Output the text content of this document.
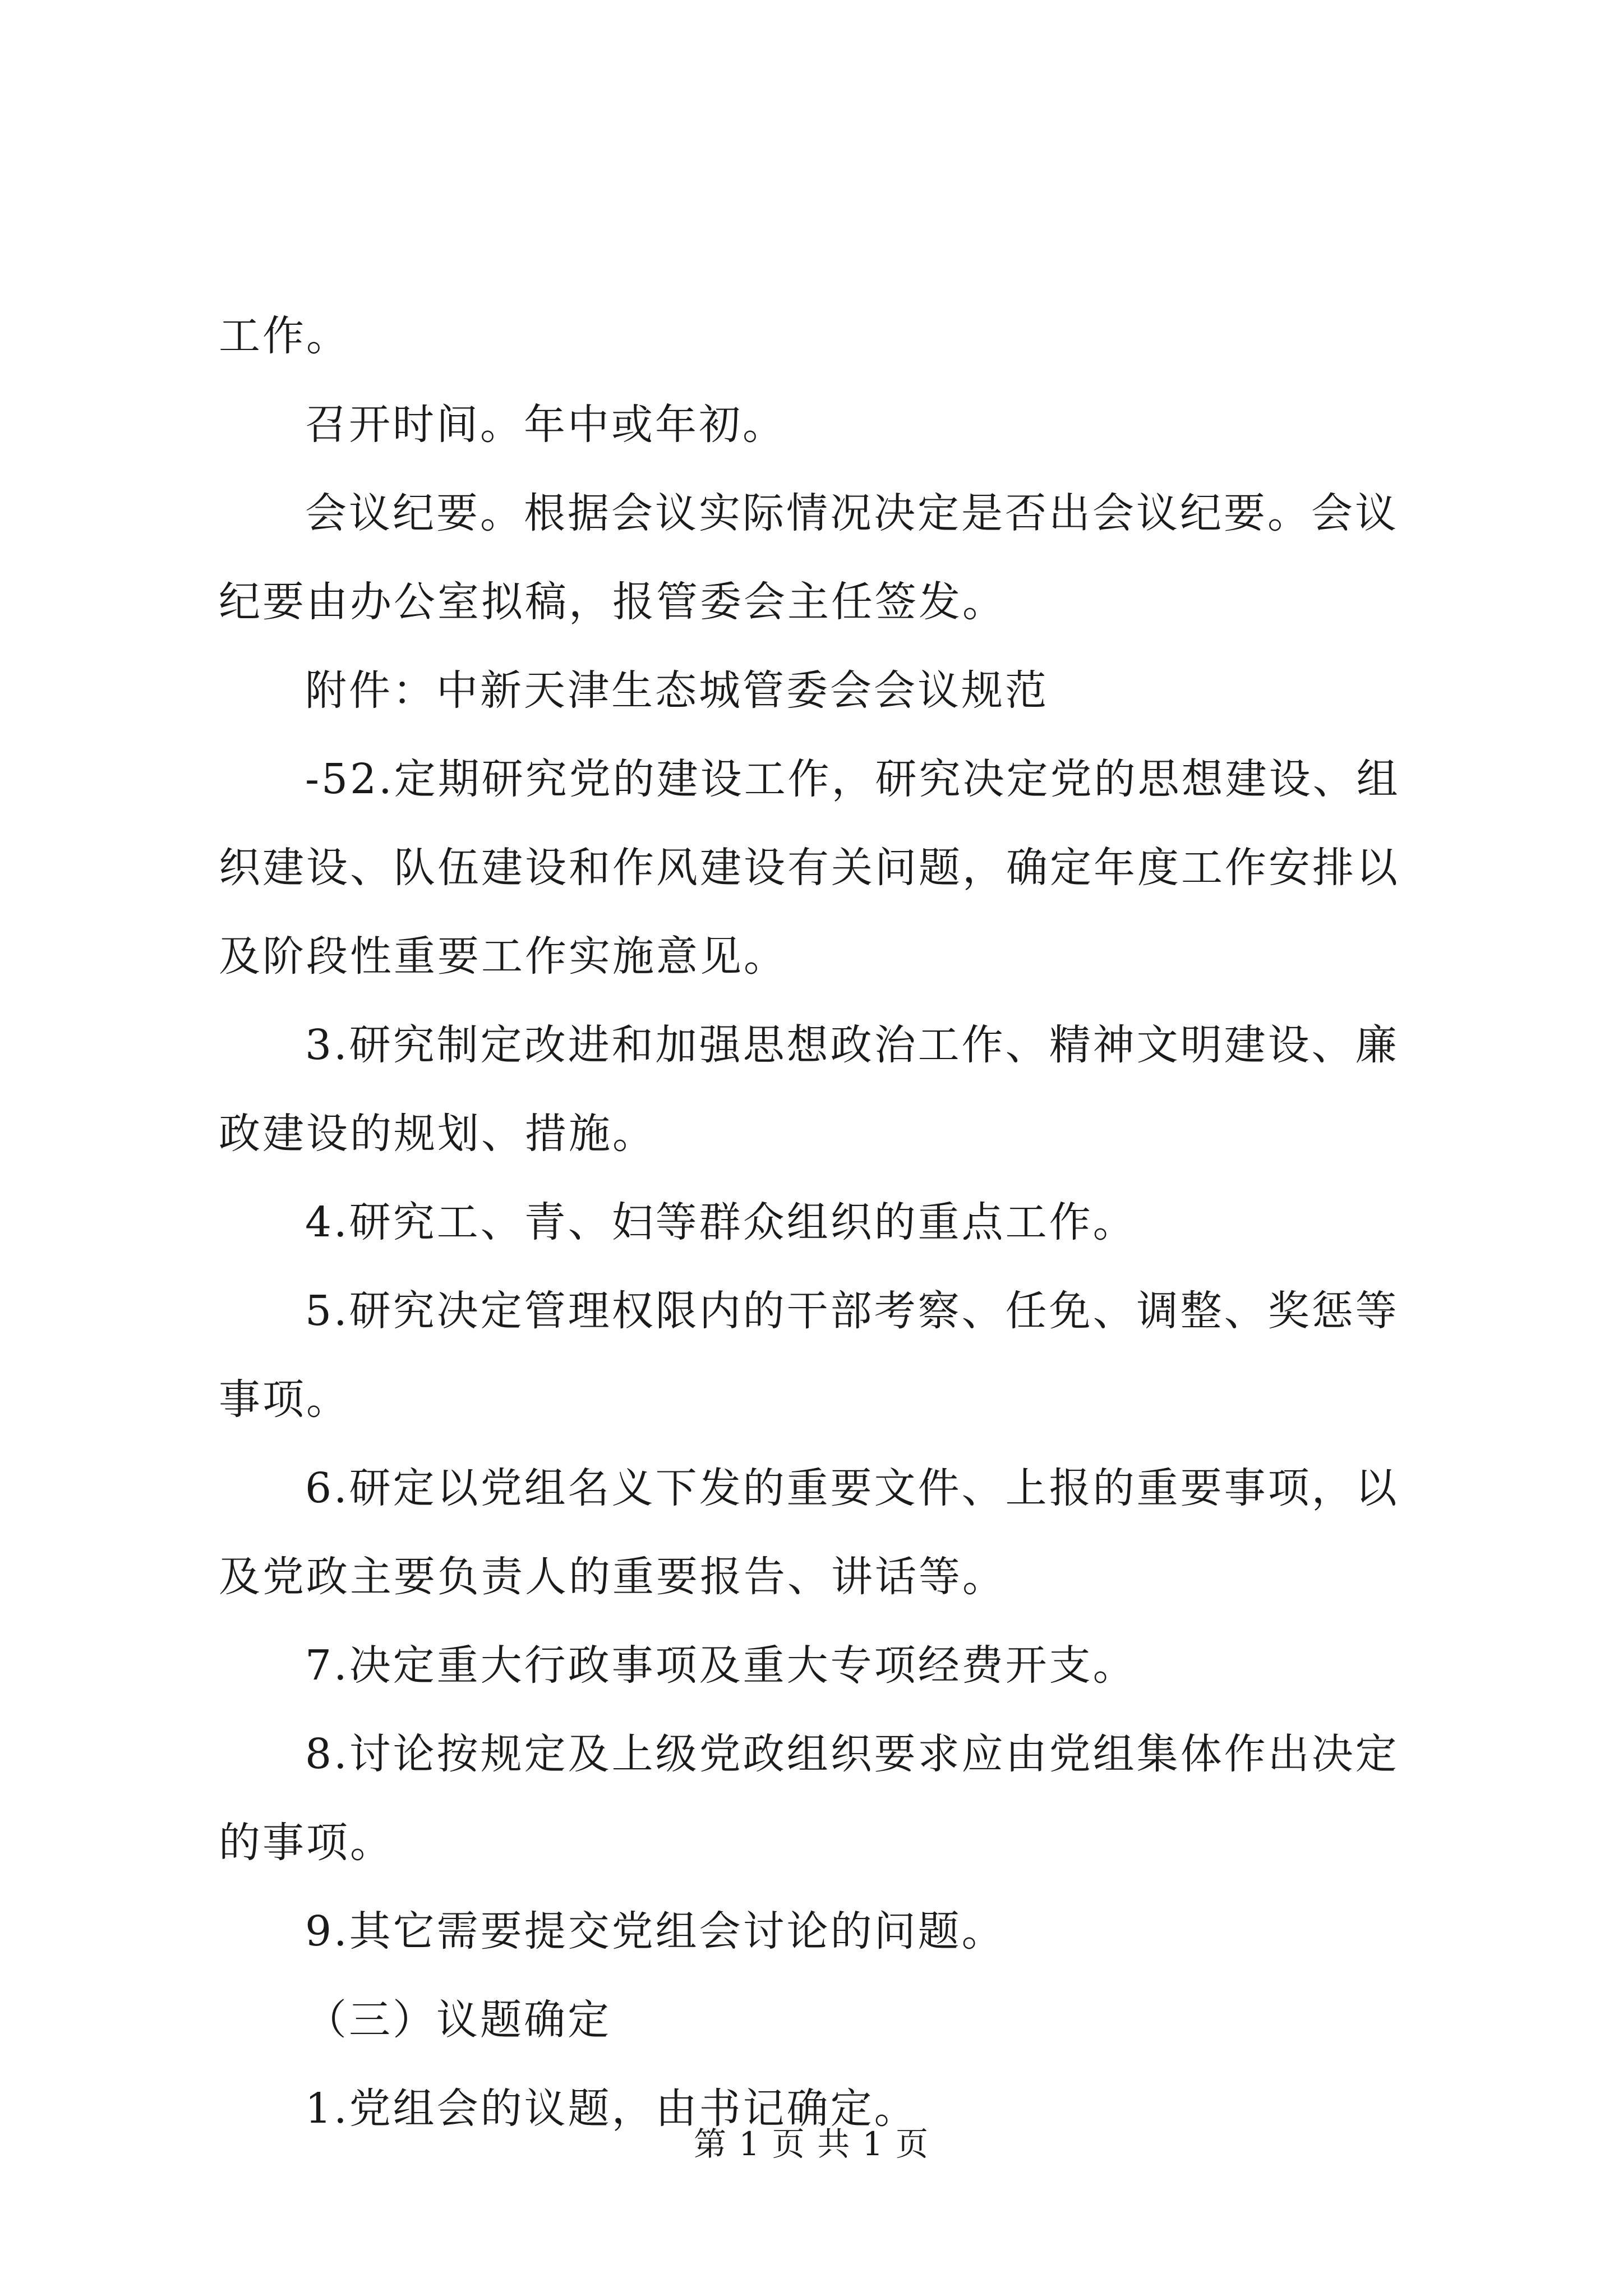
工作。

召开时间。年中或年初。

会议纪要。根据会议实际情况决定是否出会议纪要。会议纪要由办公室拟稿，报管委会主任签发。

附件：中新天津生态城管委会会议规范

-52.定期研究党的建设工作，研究决定党的思想建设、组织建设、队伍建设和作风建设有关问题，确定年度工作安排以及阶段性重要工作实施意见。

3.研究制定改进和加强思想政治工作、精神文明建设、廉政建设的规划、措施。

4.研究工、青、妇等群众组织的重点工作。

5.研究决定管理权限内的干部考察、任免、调整、奖惩等事项。

6.研定以党组名义下发的重要文件、上报的重要事项，以及党政主要负责人的重要报告、讲话等。

7.决定重大行政事项及重大专项经费开支。

8.讨论按规定及上级党政组织要求应由党组集体作出决定的事项。

9.其它需要提交党组会讨论的问题。

（三）议题确定

1.党组会的议题，由书记确定。

第 1 页 共 1 页
